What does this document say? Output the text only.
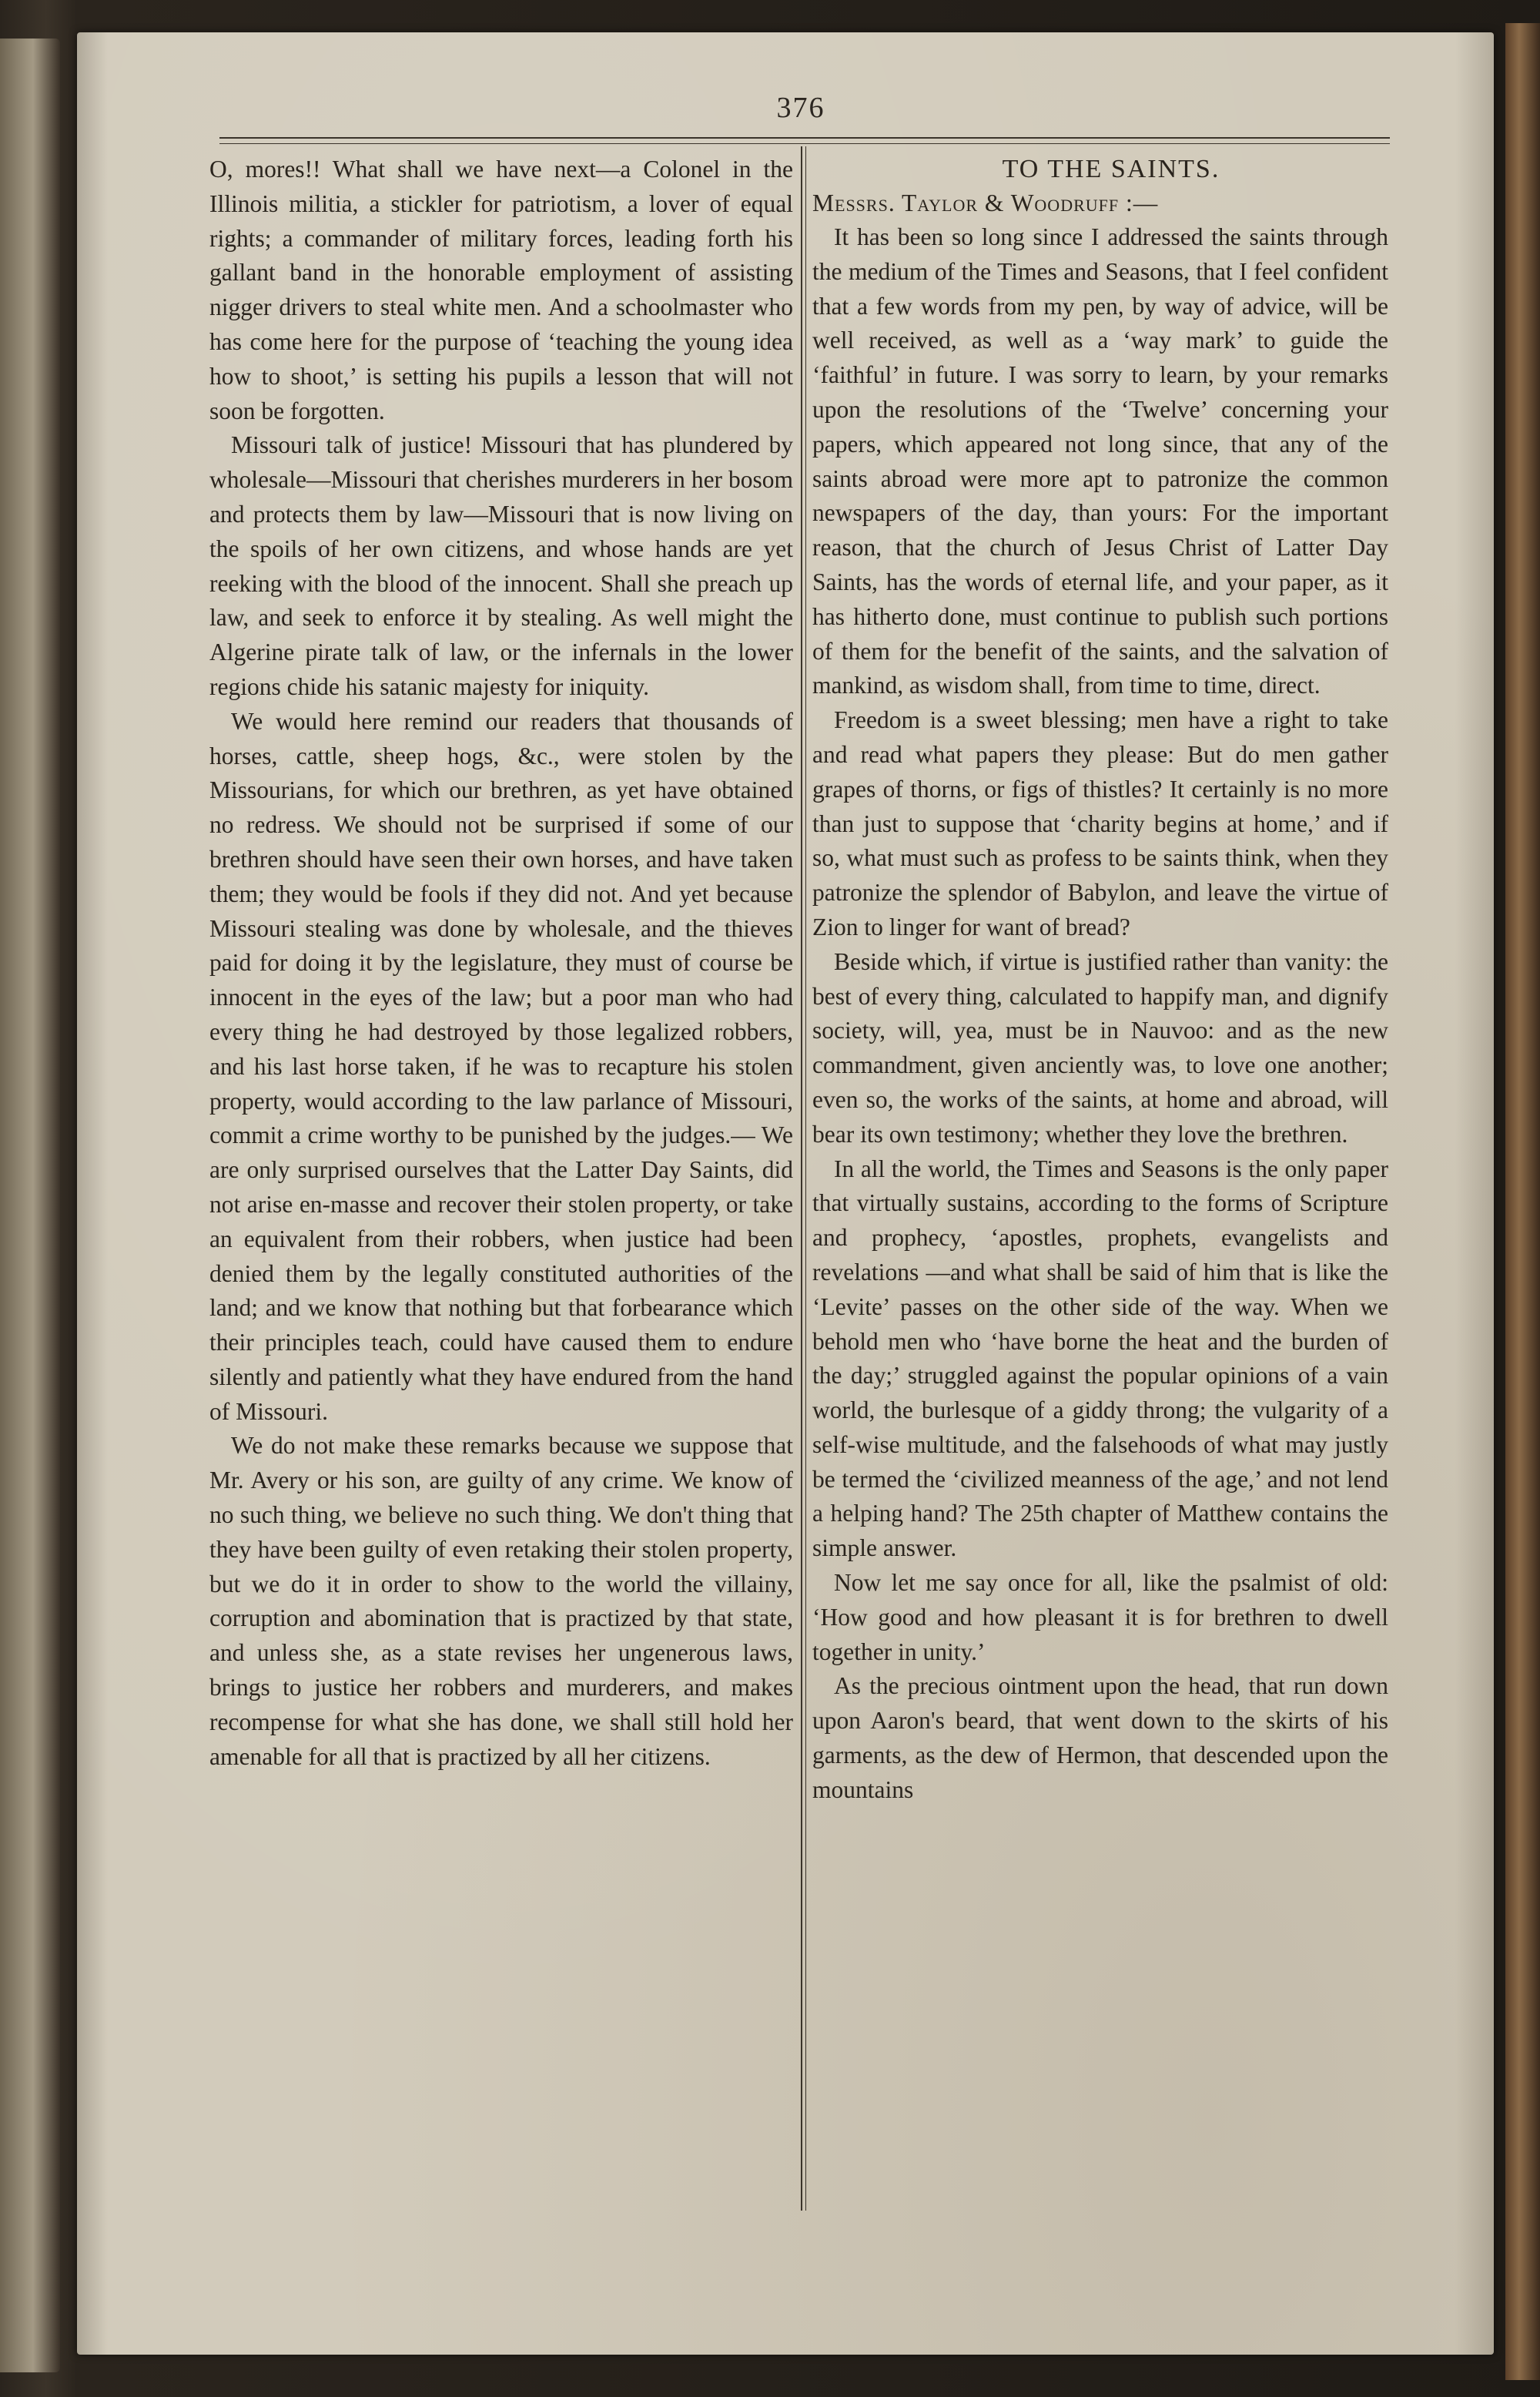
376

O, mores!! What shall we have next—a Colonel in the Illinois militia, a stickler for patriotism, a lover of equal rights; a commander of military forces, leading forth his gallant band in the honorable employment of assisting nigger drivers to steal white men. And a schoolmaster who has come here for the purpose of ‘teaching the young idea how to shoot,’ is setting his pupils a lesson that will not soon be forgotten.

Missouri talk of justice! Missouri that has plundered by wholesale—Missouri that cherishes murderers in her bosom and protects them by law—Missouri that is now living on the spoils of her own citizens, and whose hands are yet reeking with the blood of the innocent. Shall she preach up law, and seek to enforce it by stealing. As well might the Algerine pirate talk of law, or the infernals in the lower regions chide his satanic majesty for iniquity.

We would here remind our readers that thousands of horses, cattle, sheep hogs, &c., were stolen by the Missourians, for which our brethren, as yet have obtained no redress. We should not be surprised if some of our brethren should have seen their own horses, and have taken them; they would be fools if they did not. And yet because Missouri stealing was done by wholesale, and the thieves paid for doing it by the legislature, they must of course be innocent in the eyes of the law; but a poor man who had every thing he had destroyed by those legalized robbers, and his last horse taken, if he was to recapture his stolen property, would according to the law parlance of Missouri, commit a crime worthy to be punished by the judges.— We are only surprised ourselves that the Latter Day Saints, did not arise en-masse and recover their stolen property, or take an equivalent from their robbers, when justice had been denied them by the legally constituted authorities of the land; and we know that nothing but that forbearance which their principles teach, could have caused them to endure silently and patiently what they have endured from the hand of Missouri.

We do not make these remarks because we suppose that Mr. Avery or his son, are guilty of any crime. We know of no such thing, we believe no such thing. We don't thing that they have been guilty of even retaking their stolen property, but we do it in order to show to the world the villainy, corruption and abomination that is practized by that state, and unless she, as a state revises her ungenerous laws, brings to justice her robbers and murderers, and makes recompense for what she has done, we shall still hold her amenable for all that is practized by all her citizens.

TO THE SAINTS.

Messrs. Taylor & Woodruff :—

It has been so long since I addressed the saints through the medium of the Times and Seasons, that I feel confident that a few words from my pen, by way of advice, will be well received, as well as a ‘way mark’ to guide the ‘faithful’ in future. I was sorry to learn, by your remarks upon the resolutions of the ‘Twelve’ concerning your papers, which appeared not long since, that any of the saints abroad were more apt to patronize the common newspapers of the day, than yours: For the important reason, that the church of Jesus Christ of Latter Day Saints, has the words of eternal life, and your paper, as it has hitherto done, must continue to publish such portions of them for the benefit of the saints, and the salvation of mankind, as wisdom shall, from time to time, direct.

Freedom is a sweet blessing; men have a right to take and read what papers they please: But do men gather grapes of thorns, or figs of thistles? It certainly is no more than just to suppose that ‘charity begins at home,’ and if so, what must such as profess to be saints think, when they patronize the splendor of Babylon, and leave the virtue of Zion to linger for want of bread?

Beside which, if virtue is justified rather than vanity: the best of every thing, calculated to happify man, and dignify society, will, yea, must be in Nauvoo: and as the new commandment, given anciently was, to love one another; even so, the works of the saints, at home and abroad, will bear its own testimony; whether they love the brethren.

In all the world, the Times and Seasons is the only paper that virtually sustains, according to the forms of Scripture and prophecy, ‘apostles, prophets, evangelists and revelations —and what shall be said of him that is like the ‘Levite’ passes on the other side of the way. When we behold men who ‘have borne the heat and the burden of the day;’ struggled against the popular opinions of a vain world, the burlesque of a giddy throng; the vulgarity of a self-wise multitude, and the falsehoods of what may justly be termed the ‘civilized meanness of the age,’ and not lend a helping hand? The 25th chapter of Matthew contains the simple answer.

Now let me say once for all, like the psalmist of old: ‘How good and how pleasant it is for brethren to dwell together in unity.’

As the precious ointment upon the head, that run down upon Aaron's beard, that went down to the skirts of his garments, as the dew of Hermon, that descended upon the mountains
